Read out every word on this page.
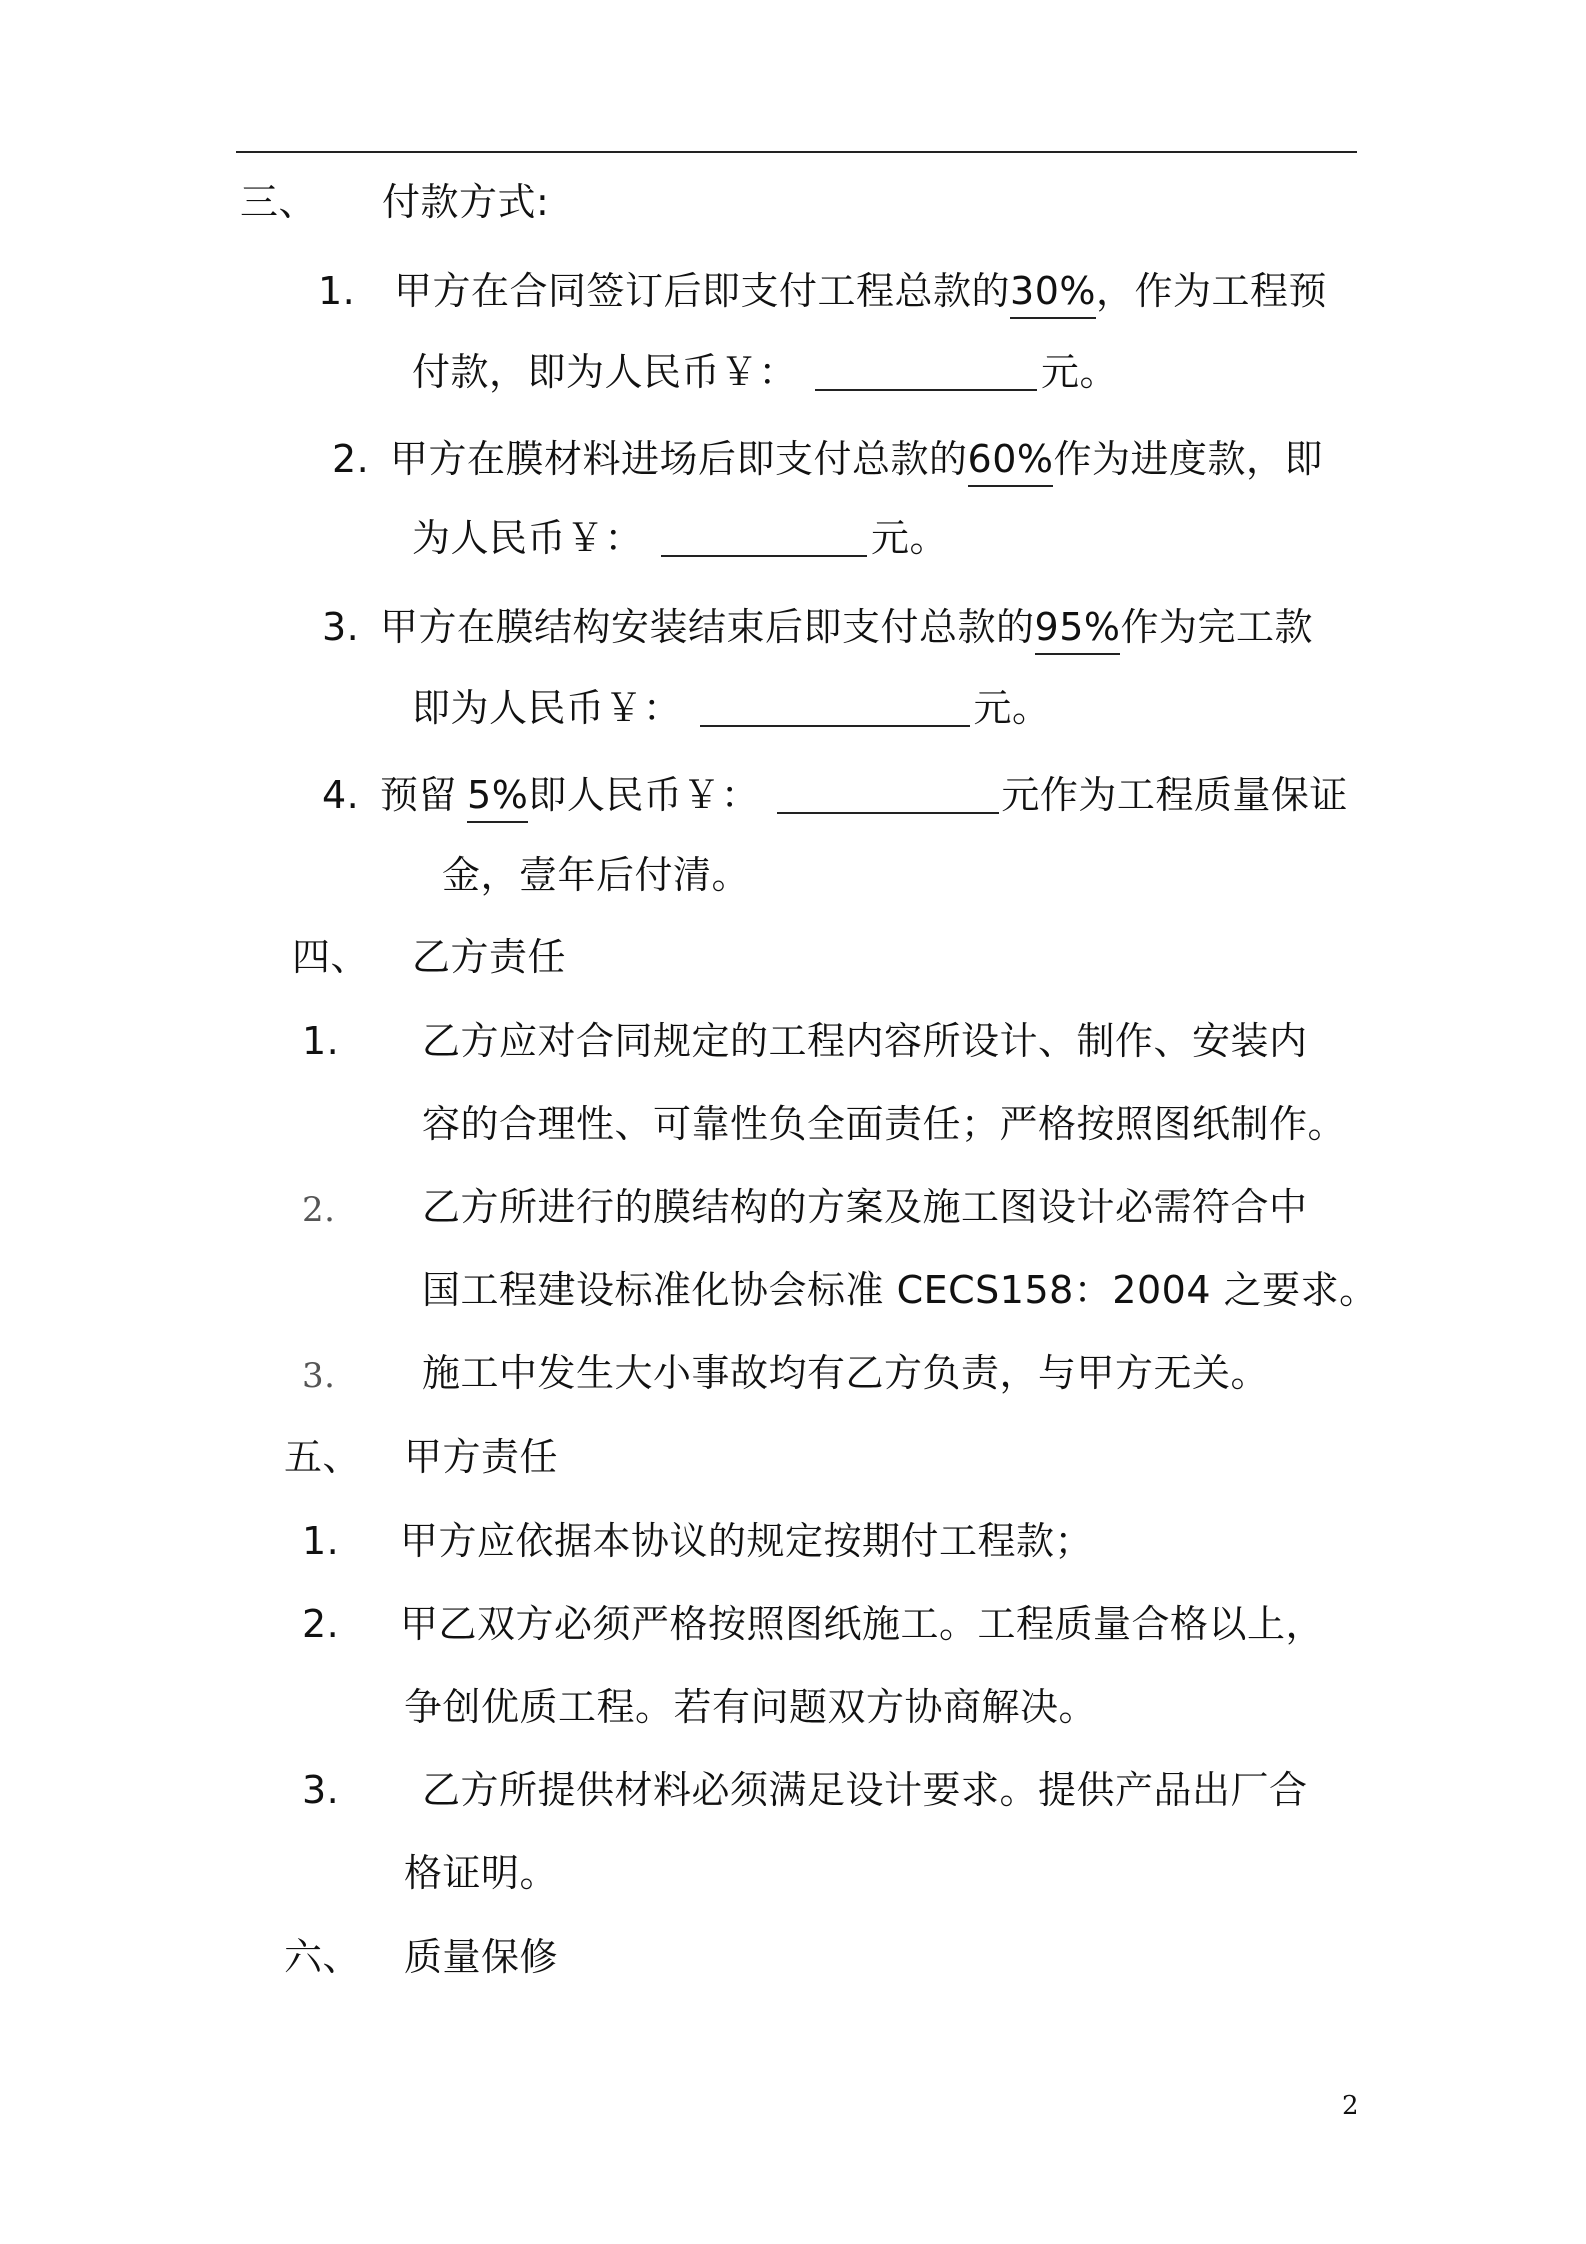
三、 付款方式:
1. 甲方在合同签订后即支付工程总款的30%，作为工程预
付款，即为人民币￥：	元。
2. 甲方在膜材料进场后即支付总款的60%作为进度款，即
为人民币￥：	元。
3. 甲方在膜结构安装结束后即支付总款的95%作为完工款
即为人民币￥：	元。
4. 预留 5%即人民币￥：	元作为工程质量保证
金，壹年后付清。
四、 乙方责任
1. 乙方应对合同规定的工程内容所设计、制作、安装内
容的合理性、可靠性负全面责任；严格按照图纸制作。
2. 乙方所进行的膜结构的方案及施工图设计必需符合中
国工程建设标准化协会标准 CECS158：2004 之要求。
3. 施工中发生大小事故均有乙方负责，与甲方无关。
五、 甲方责任
1. 甲方应依据本协议的规定按期付工程款；
2. 甲乙双方必须严格按照图纸施工。工程质量合格以上，
争创优质工程。若有问题双方协商解决。
3. 乙方所提供材料必须满足设计要求。提供产品出厂合
格证明。
六、 质量保修
2
